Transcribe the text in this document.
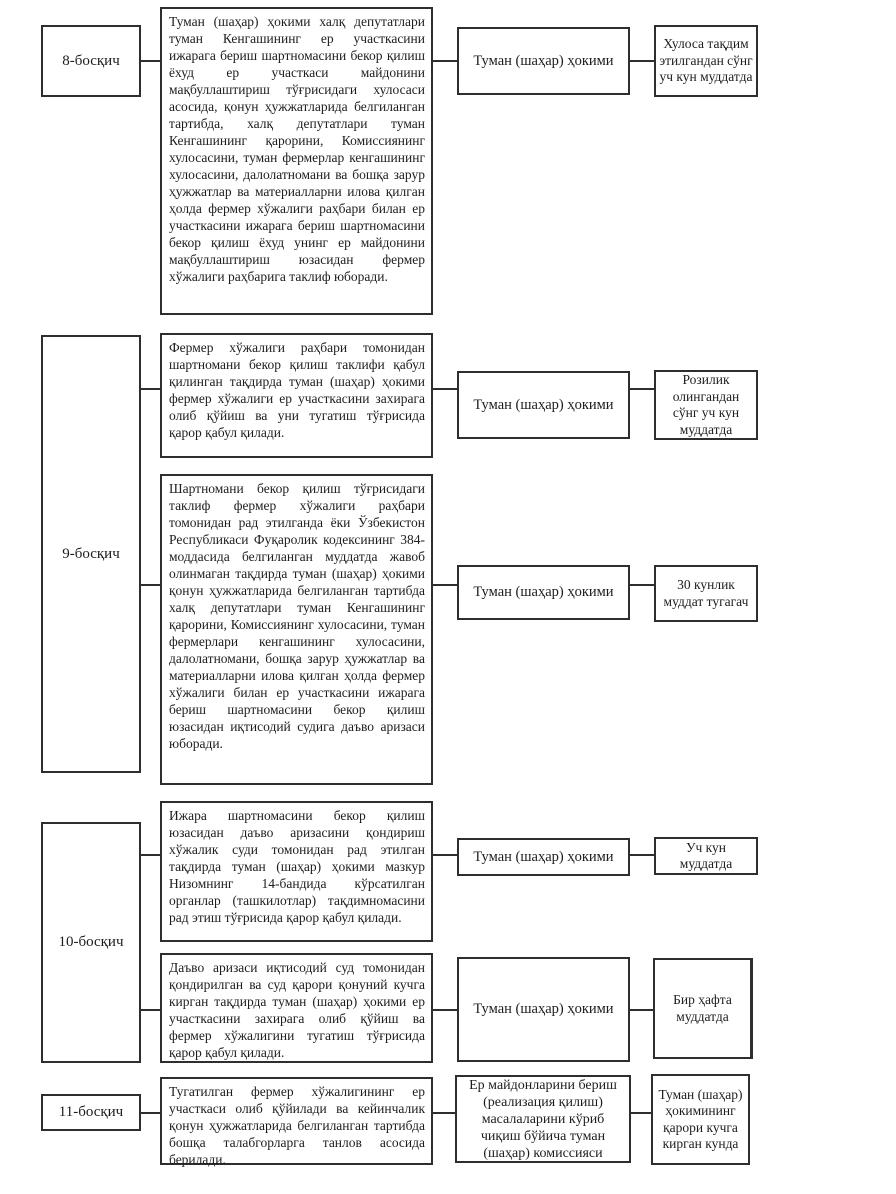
8-босқич
9-босқич
10-босқич
11-босқич
Туман (шаҳар) ҳокими халқ депутатлари туман Кенгашининг ер участкасини ижарага бериш шартномасини бекор қилиш ёхуд ер участкаси майдонини мақбуллаштириш тўғрисидаги хулосаси асосида, қонун ҳужжатларида белгиланган тартибда, халқ депутатлари туман Кенгашининг қарорини, Комиссиянинг хулосасини, туман фермерлар кенгашининг хулосасини, далолатномани ва бошқа зарур ҳужжатлар ва материалларни илова қилган ҳолда фермер хўжалиги раҳбари билан ер участкасини ижарага бериш шартномасини бекор қилиш ёхуд унинг ер майдонини мақбуллаштириш юзасидан фермер хўжалиги раҳбарига таклиф юборади.
Туман (шаҳар) ҳокими
Хулоса тақдим этилгандан сўнг уч кун муддатда
Фермер хўжалиги раҳбари томонидан шартномани бекор қилиш таклифи қабул қилинган тақдирда туман (шаҳар) ҳокими фермер хўжалиги ер участкасини захирага олиб қўйиш ва уни тугатиш тўғрисида қарор қабул қилади.
Туман (шаҳар) ҳокими
Розилик олингандан сўнг уч кун муддатда
Шартномани бекор қилиш тўғрисидаги таклиф фермер хўжалиги раҳбари томонидан рад этилганда ёки Ўзбекистон Республикаси Фуқаролик кодексининг 384-моддасида белгиланган муддатда жавоб олинмаган тақдирда туман (шаҳар) ҳокими қонун ҳужжатларида белгиланган тартибда халқ депутатлари туман Кенгашининг қарорини, Комиссиянинг хулосасини, туман фермерлари кенгашининг хулосасини, далолатномани, бошқа зарур ҳужжатлар ва материалларни илова қилган ҳолда фермер хўжалиги билан ер участкасини ижарага бериш шартномасини бекор қилиш юзасидан иқтисодий судига даъво аризаси юборади.
Туман (шаҳар) ҳокими	30 кунлик муддат тугагач
Ижара шартномасини бекор қилиш юзасидан даъво аризасини қондириш хўжалик суди томонидан рад этилган тақдирда туман (шаҳар) ҳокими мазкур Низомнинг 14-бандида кўрсатилган органлар (ташкилотлар) тақдимномасини рад этиш тўғрисида қарор қабул қилади.
Туман (шаҳар) ҳокими
Уч кун муддатда
Даъво аризаси иқтисодий суд томонидан қондирилган ва суд қарори қонуний кучга кирган тақдирда туман (шаҳар) ҳокими ер участкасини захирага олиб қўйиш ва фермер хўжалигини тугатиш тўғрисида қарор қабул қилади.
Туман (шаҳар) ҳокими
Бир ҳафта муддатда
Тугатилган фермер хўжалигининг ер участкаси олиб қўйилади ва кейинчалик қонун ҳужжатларида белгиланган тартибда бошқа талабгорларга танлов асосида берилади.
Ер майдонларини бериш (реализация қилиш) масалаларини кўриб чиқиш бўйича туман (шаҳар) комиссияси
Туман (шаҳар) ҳокимининг қарори кучга кирган кунда
